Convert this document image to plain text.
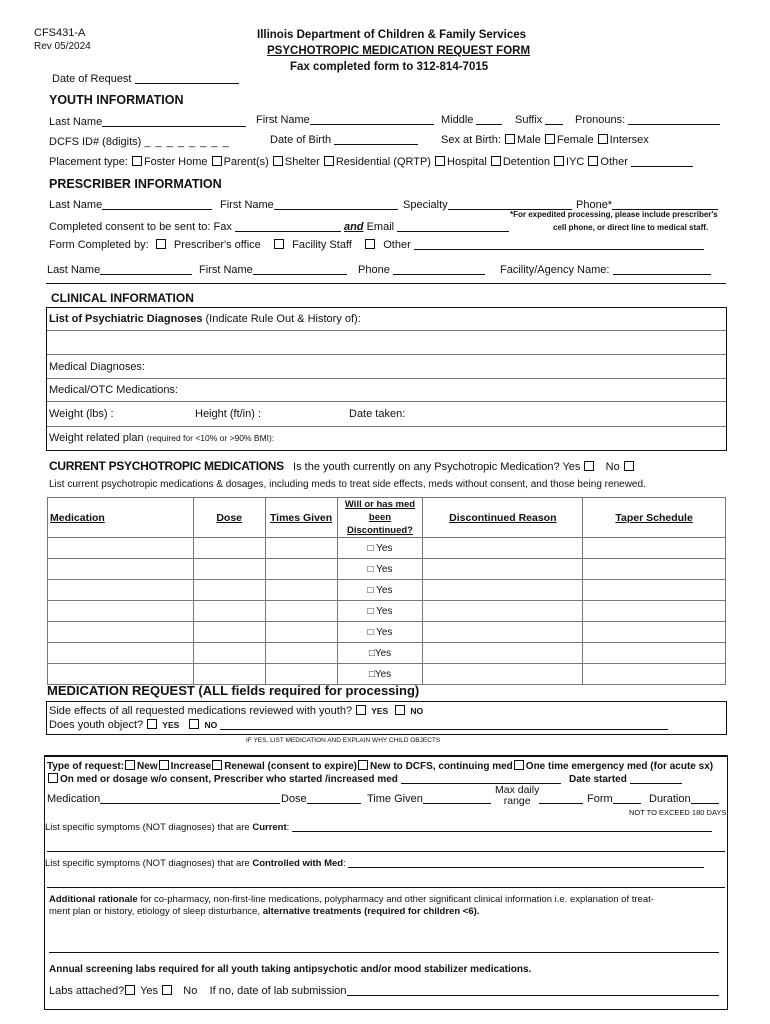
CFS431-A
Rev 05/2024
Illinois Department of Children & Family Services
PSYCHOTROPIC MEDICATION REQUEST FORM
Fax completed form to 312-814-7015
Date of Request
YOUTH INFORMATION
Last Name	First Name	Middle	Suffix	Pronouns:
DCFS ID# (8digits) _ _ _ _ _ _ _ _	Date of Birth	Sex at Birth: Male Female Intersex
Placement type: Foster Home Parent(s) Shelter Residential (QRTP) Hospital Detention IYC Other
PRESCRIBER INFORMATION
Last Name	First Name	Specialty	Phone*
*For expedited processing, please include prescriber's
cell phone, or direct line to medical staff.
Completed consent to be sent to: Fax	and Email
Form Completed by: Prescriber's office	Facility Staff	Other
Last Name	First Name	Phone	Facility/Agency Name:
CLINICAL INFORMATION
List of Psychiatric Diagnoses (Indicate Rule Out & History of):
Medical Diagnoses:
Medical/OTC Medications:
Weight (lbs) :	Height (ft/in) :	Date taken:
Weight related plan (required for <10% or >90% BMI):
CURRENT PSYCHOTROPIC MEDICATIONS Is the youth currently on any Psychotropic Medication? Yes No
List current psychotropic medications & dosages, including meds to treat side effects, meds without consent, and those being renewed.
Medication	Dose	Times Given	Will or has med been Discontinued?	Discontinued Reason	Taper Schedule
			□ Yes		
			□ Yes		
			□ Yes		
			□ Yes		
			□ Yes		
			□Yes		
			□Yes		
MEDICATION REQUEST (ALL fields required for processing)
Side effects of all requested medications reviewed with youth? YES	NO
Does youth object? YES	NO
IF YES, LIST MEDICATION AND EXPLAIN WHY CHILD OBJECTS
Type of request: New Increase Renewal (consent to expire) New to DCFS, continuing med One time emergency med (for acute sx)
On med or dosage w/o consent, Prescriber who started /increased med	Date started
Medication	Dose	Time Given
Max daily
range	Form	Duration
NOT TO EXCEED 180 DAYS
List specific symptoms (NOT diagnoses) that are Current:
List specific symptoms (NOT diagnoses) that are Controlled with Med:
Additional rationale for co-pharmacy, non-first-line medications, polypharmacy and other significant clinical information i.e. explanation of treat-
ment plan or history, etiology of sleep disturbance, alternative treatments (required for children <6).
Annual screening labs required for all youth taking antipsychotic and/or mood stabilizer medications.
Labs attached? Yes No If no, date of lab submission
